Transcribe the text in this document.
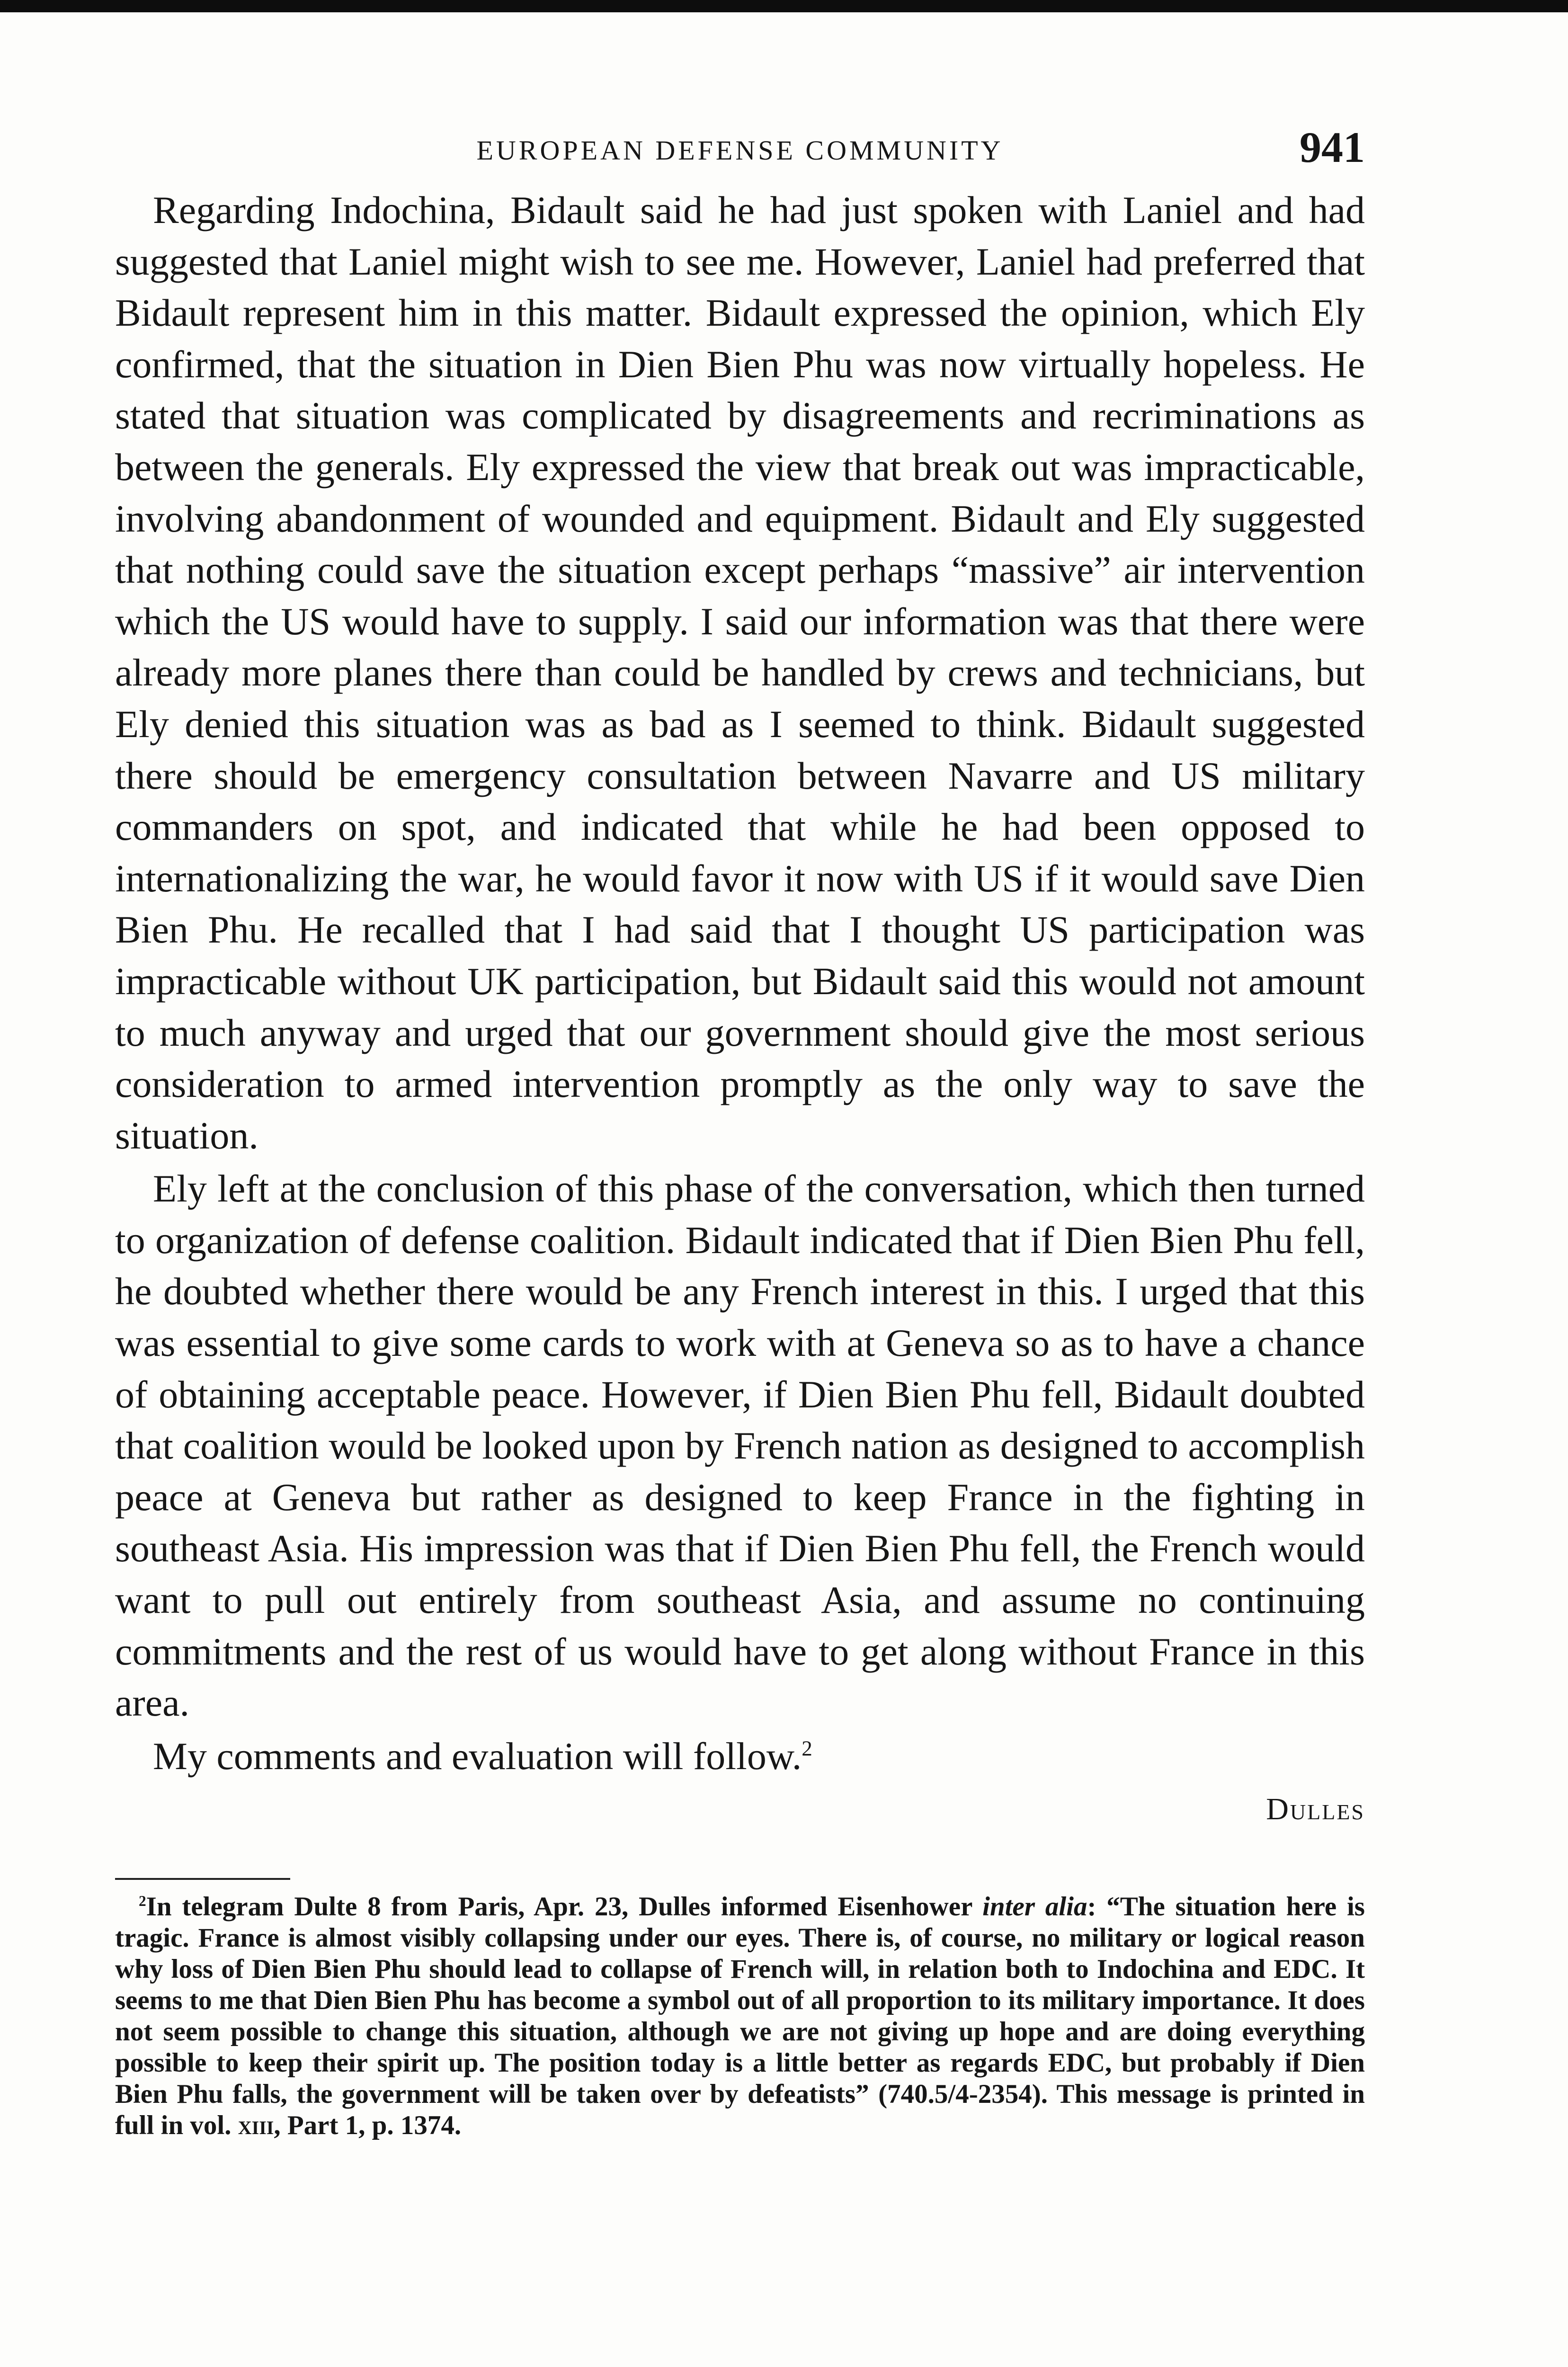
EUROPEAN DEFENSE COMMUNITY	941

Regarding Indochina, Bidault said he had just spoken with Laniel and had suggested that Laniel might wish to see me. However, Laniel had preferred that Bidault represent him in this matter. Bidault expressed the opinion, which Ely confirmed, that the situation in Dien Bien Phu was now virtually hopeless. He stated that situation was complicated by disagreements and recriminations as between the generals. Ely expressed the view that break out was impracticable, involving abandonment of wounded and equipment. Bidault and Ely suggested that nothing could save the situation except perhaps “massive” air intervention which the US would have to supply. I said our information was that there were already more planes there than could be handled by crews and technicians, but Ely denied this situation was as bad as I seemed to think. Bidault suggested there should be emergency consultation between Navarre and US military commanders on spot, and indicated that while he had been opposed to internationalizing the war, he would favor it now with US if it would save Dien Bien Phu. He recalled that I had said that I thought US participation was impracticable without UK participation, but Bidault said this would not amount to much anyway and urged that our government should give the most serious consideration to armed intervention promptly as the only way to save the situation.

Ely left at the conclusion of this phase of the conversation, which then turned to organization of defense coalition. Bidault indicated that if Dien Bien Phu fell, he doubted whether there would be any French interest in this. I urged that this was essential to give some cards to work with at Geneva so as to have a chance of obtaining acceptable peace. However, if Dien Bien Phu fell, Bidault doubted that coalition would be looked upon by French nation as designed to accomplish peace at Geneva but rather as designed to keep France in the fighting in southeast Asia. His impression was that if Dien Bien Phu fell, the French would want to pull out entirely from southeast Asia, and assume no continuing commitments and the rest of us would have to get along without France in this area.

My comments and evaluation will follow.$^2$

Dulles

$^2$In telegram Dulte 8 from Paris, Apr. 23, Dulles informed Eisenhower inter alia: “The situation here is tragic. France is almost visibly collapsing under our eyes. There is, of course, no military or logical reason why loss of Dien Bien Phu should lead to collapse of French will, in relation both to Indochina and EDC. It seems to me that Dien Bien Phu has become a symbol out of all proportion to its military importance. It does not seem possible to change this situation, although we are not giving up hope and are doing everything possible to keep their spirit up. The position today is a little better as regards EDC, but probably if Dien Bien Phu falls, the government will be taken over by defeatists” (740.5/4-2354). This message is printed in full in vol. xiii, Part 1, p. 1374.
